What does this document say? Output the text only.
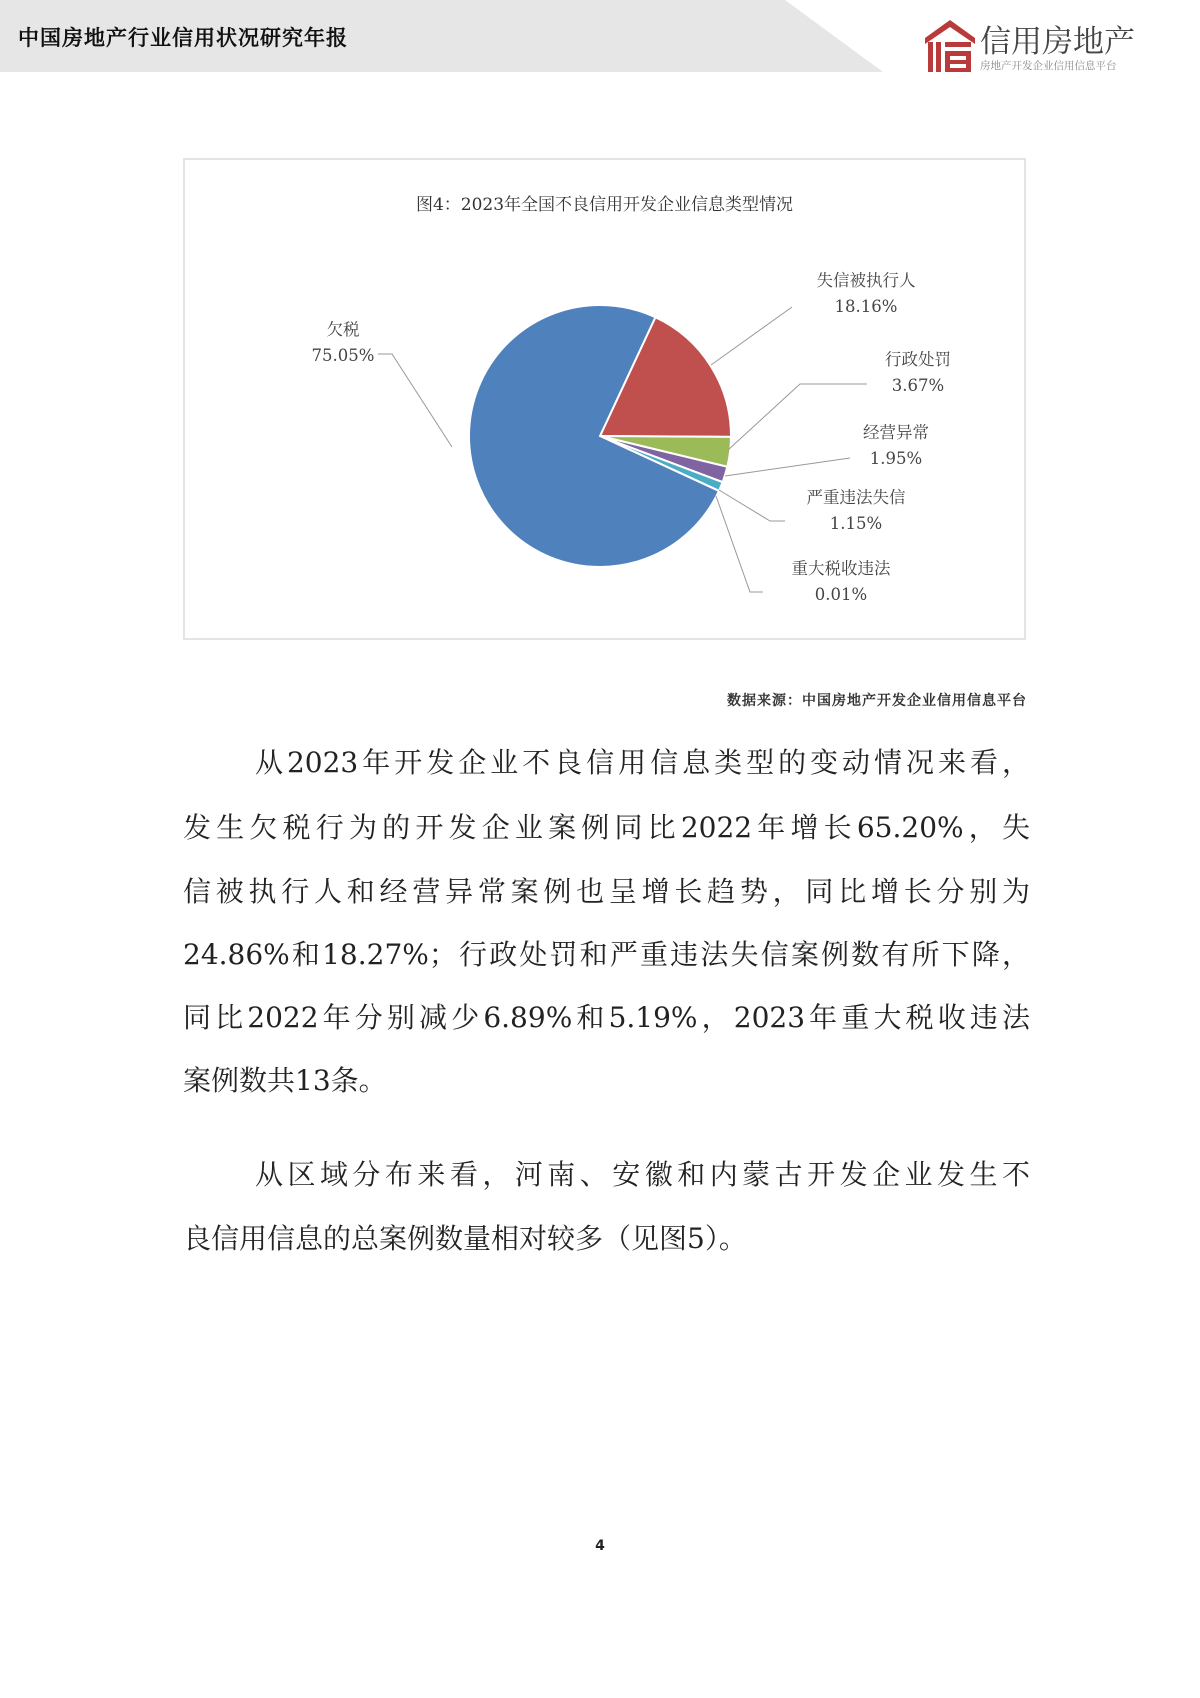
中国房地产行业信用状况研究年报	信用房地产
房地产开发企业信用信息平台
图4：2023年全国不良信用开发企业信息类型情况
失信被执行人
18.16%
行政处罚
3.67%
经营异常
1.95%
严重违法失信
1.15%
重大税收违法
0.01%
欠税
75.05%
数据来源：中国房地产开发企业信用信息平台
从2023年开发企业不良信用信息类型的变动情况来看，
发生欠税行为的开发企业案例同比2022年增长65.20%，失
信被执行人和经营异常案例也呈增长趋势，同比增长分别为
24.86%和18.27%；行政处罚和严重违法失信案例数有所下降，
同比2022年分别减少6.89%和5.19%，2023年重大税收违法
案例数共13条。
从区域分布来看，河南、安徽和内蒙古开发企业发生不
良信用信息的总案例数量相对较多（见图5）。
4
